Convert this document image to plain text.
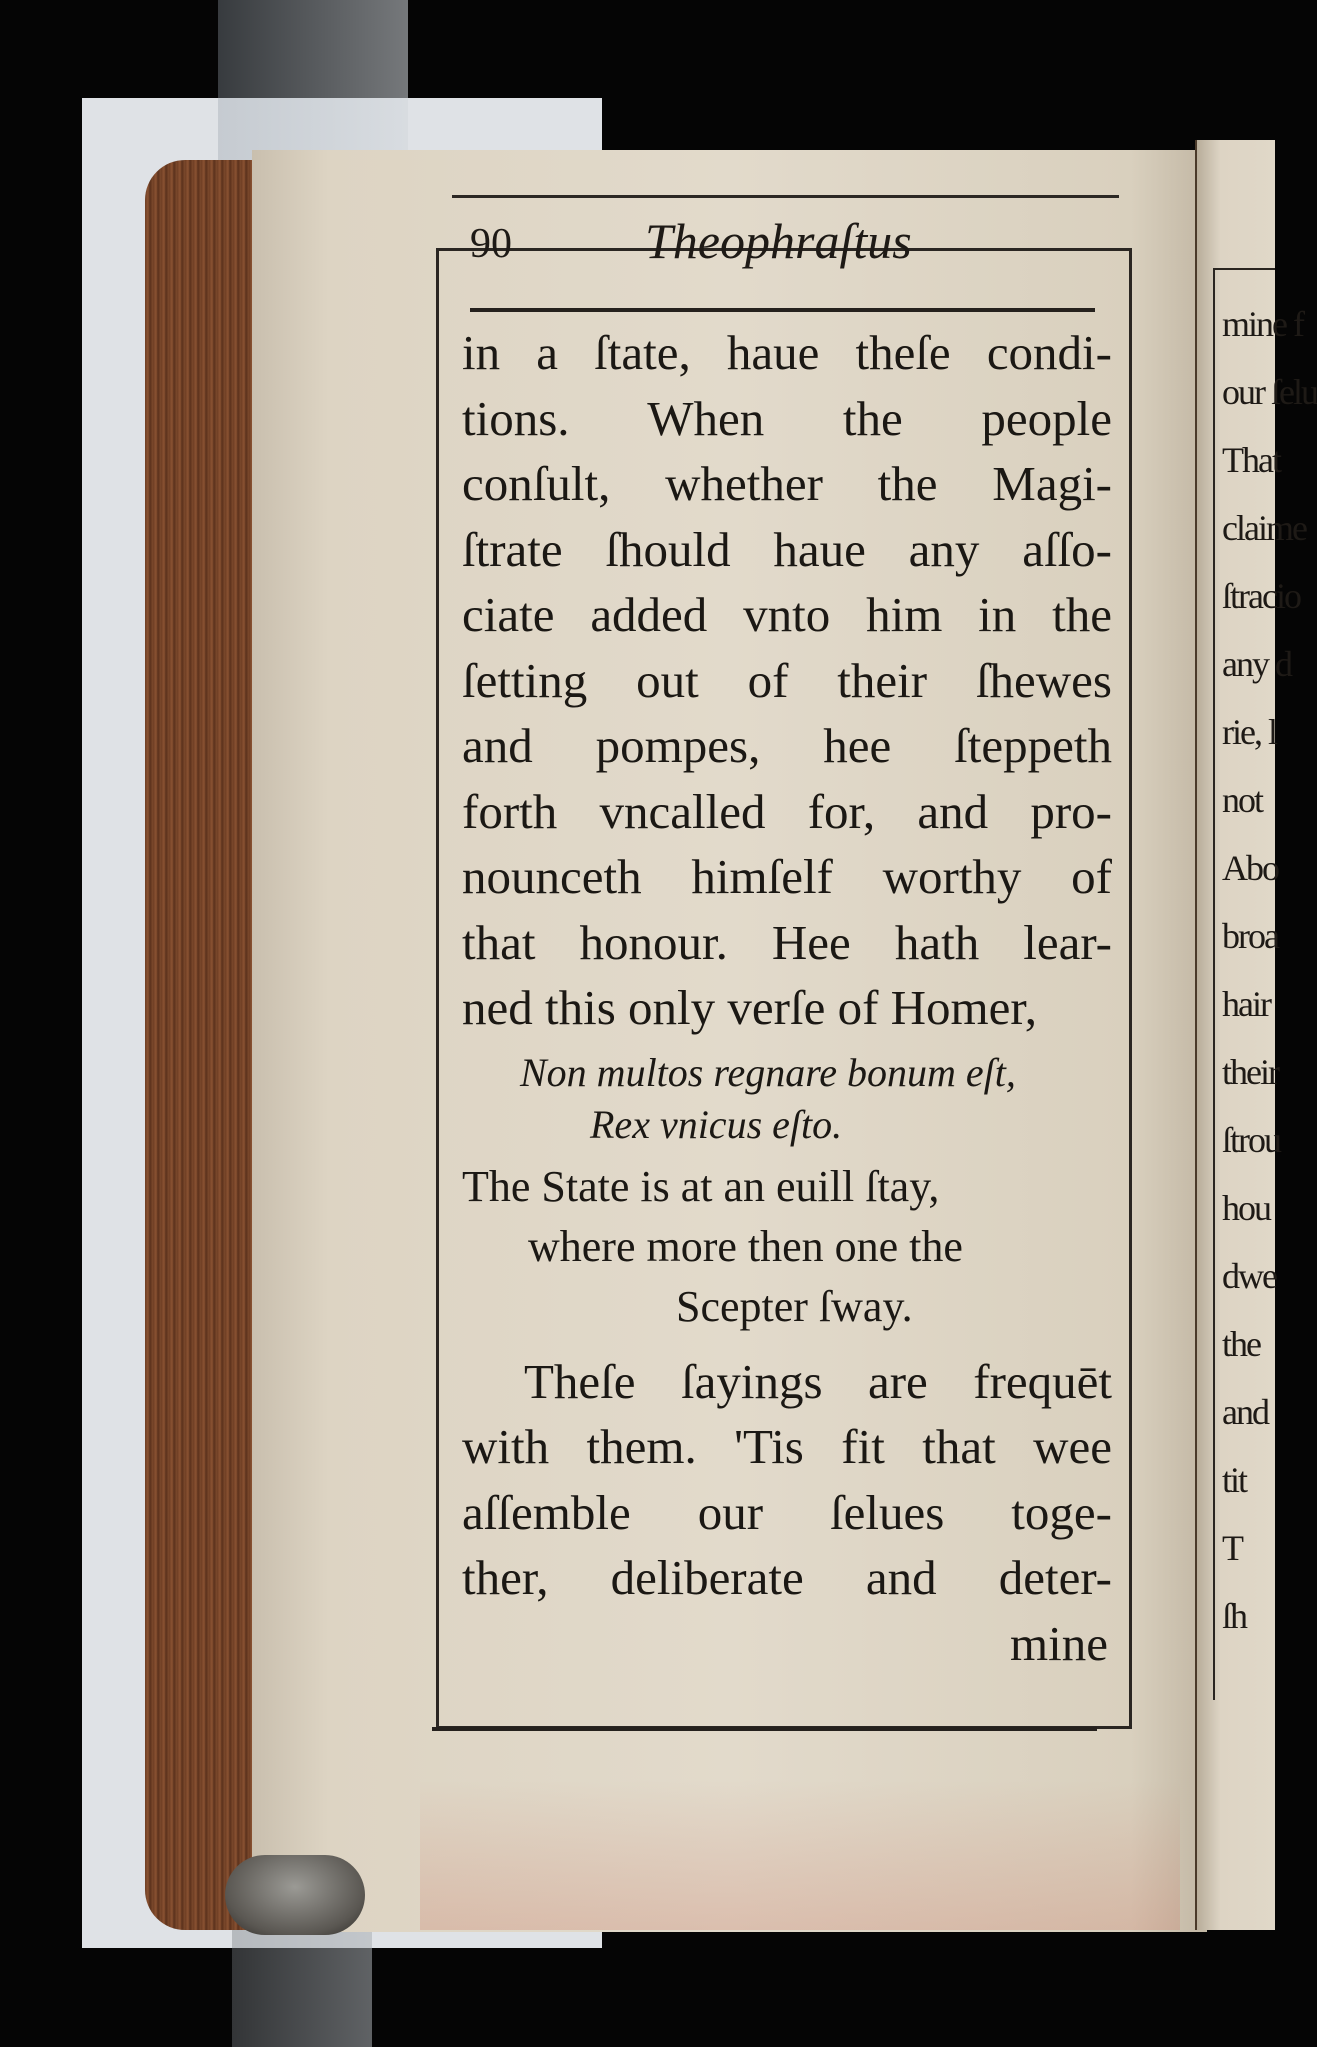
mine f
our ſelu
That
claime
ſtracio
any d
rie, l
not
Abo
broa
hair
their
ſtrou
hou
dwe
the
and
tit
T
ſh
90	Theophraſtus
in a ſtate, haue theſe condi-
tions. When the people
conſult, whether the Magi-
ſtrate ſhould haue any aſſo-
ciate added vnto him in the
ſetting out of their ſhewes
and pompes, hee ſteppeth
forth vncalled for, and pro-
nounceth himſelf worthy of
that honour. Hee hath lear-
ned this only verſe of Homer,
Non multos regnare bonum eſt,
Rex vnicus eſto.
The State is at an euill ſtay,
where more then one the
Scepter ſway.
Theſe ſayings are frequēt
with them. 'Tis fit that wee
aſſemble our ſelues toge-
ther, deliberate and deter-
mine
